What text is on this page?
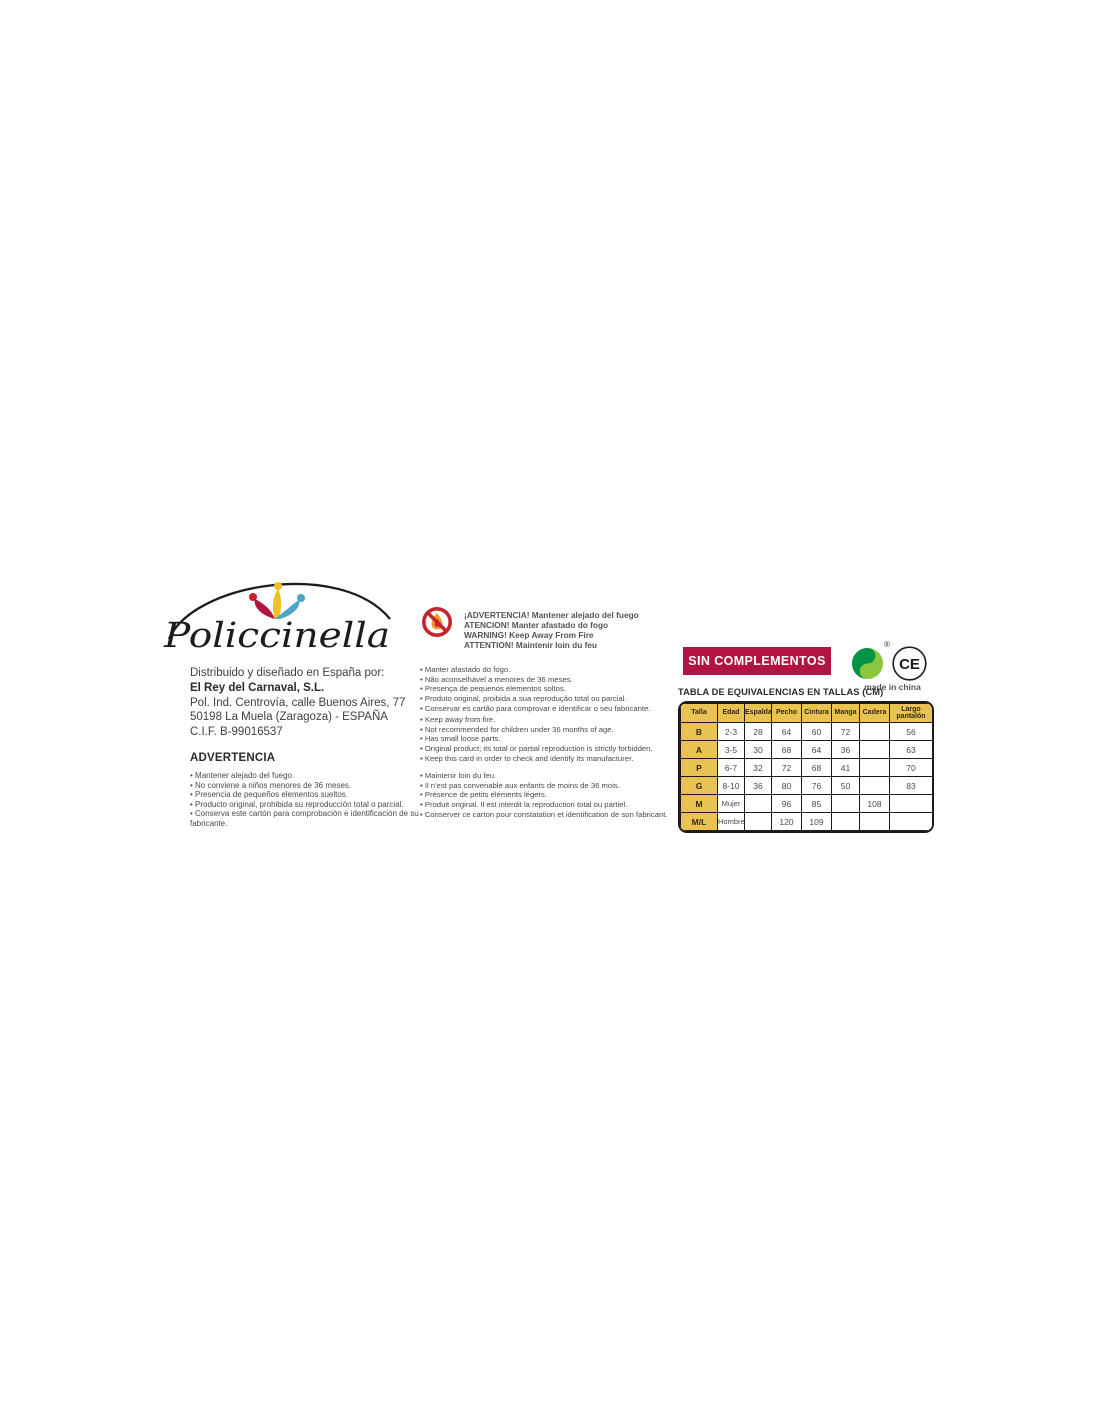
Policcinella
Distribuido y diseñado en España por:
El Rey del Carnaval, S.L.
Pol. Ind. Centrovía, calle Buenos Aires, 77
50198 La Muela (Zaragoza) - ESPAÑA
C.I.F. B-99016537
ADVERTENCIA
• Mantener alejado del fuego.
• No conviene a niños menores de 36 meses.
• Presencia de pequeños elementos sueltos.
• Producto original, prohibida su reproducción total o parcial.
• Conserva este cartón para comprobación e identificación de su fabricante.
¡ADVERTENCIA! Mantener alejado del fuego
ATENCION! Manter afastado do fogo
WARNING! Keep Away From Fire
ATTENTION! Maintenir loin du feu
• Manter afastado do fogo.
• Não aconselhável a menores de 36 meses.
• Presença de pequenos elementos soltos.
• Produto original, proibida a sua reprodução total ou parcial.
• Conservar es cartão para comprovar e identificar o seu fabricante.
• Keep away from fire.
• Not recommended for children under 36 months of age.
• Has small loose parts.
• Original product; its total or partial reproduction is strictly forbidden.
• Keep this card in order to check and identify its manufacturer.
• Maintenir loin du feu.
• Il n'est pas convenable aux enfants de moins de 36 mois.
• Présence de petits éléments légers.
• Produit original. Il est interdit la reproduction total ou partiel.
• Conserver ce carton pour constatation et identification de son fabricant.
SIN COMPLEMENTOS
®
CE
made in china
TABLA DE EQUIVALENCIAS EN TALLAS (CM)
Talla	Edad	Espalda	Pecho	Cintura	Manga	Cadera	Largo pantalón
B	2-3	28	64	60	72		56
A	3-5	30	68	64	36		63
P	6-7	32	72	68	41		70
G	8-10	36	80	76	50		83
M	Mujer		96	85		108	
M/L	Hombre		120	109			
